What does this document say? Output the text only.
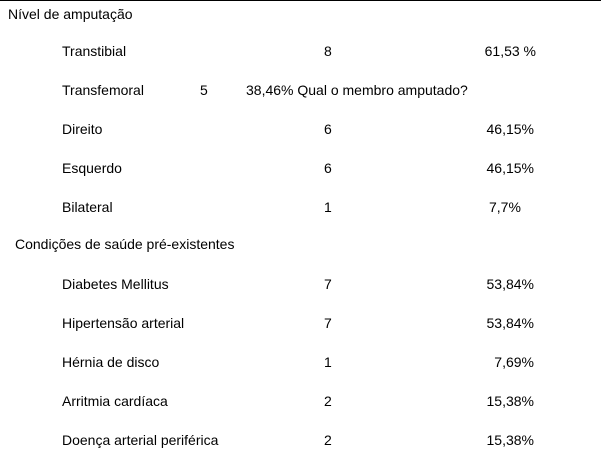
Nível de amputação
Transtibial	8	61,53 %
Transfemoral	5	38,46% Qual o membro amputado?
Direito	6	46,15%
Esquerdo	6	46,15%
Bilateral	1	7,7%
Condições de saúde pré-existentes
Diabetes Mellitus	7	53,84%
Hipertensão arterial	7	53,84%
Hérnia de disco	1	7,69%
Arritmia cardíaca	2	15,38%
Doença arterial periférica	2	15,38%
